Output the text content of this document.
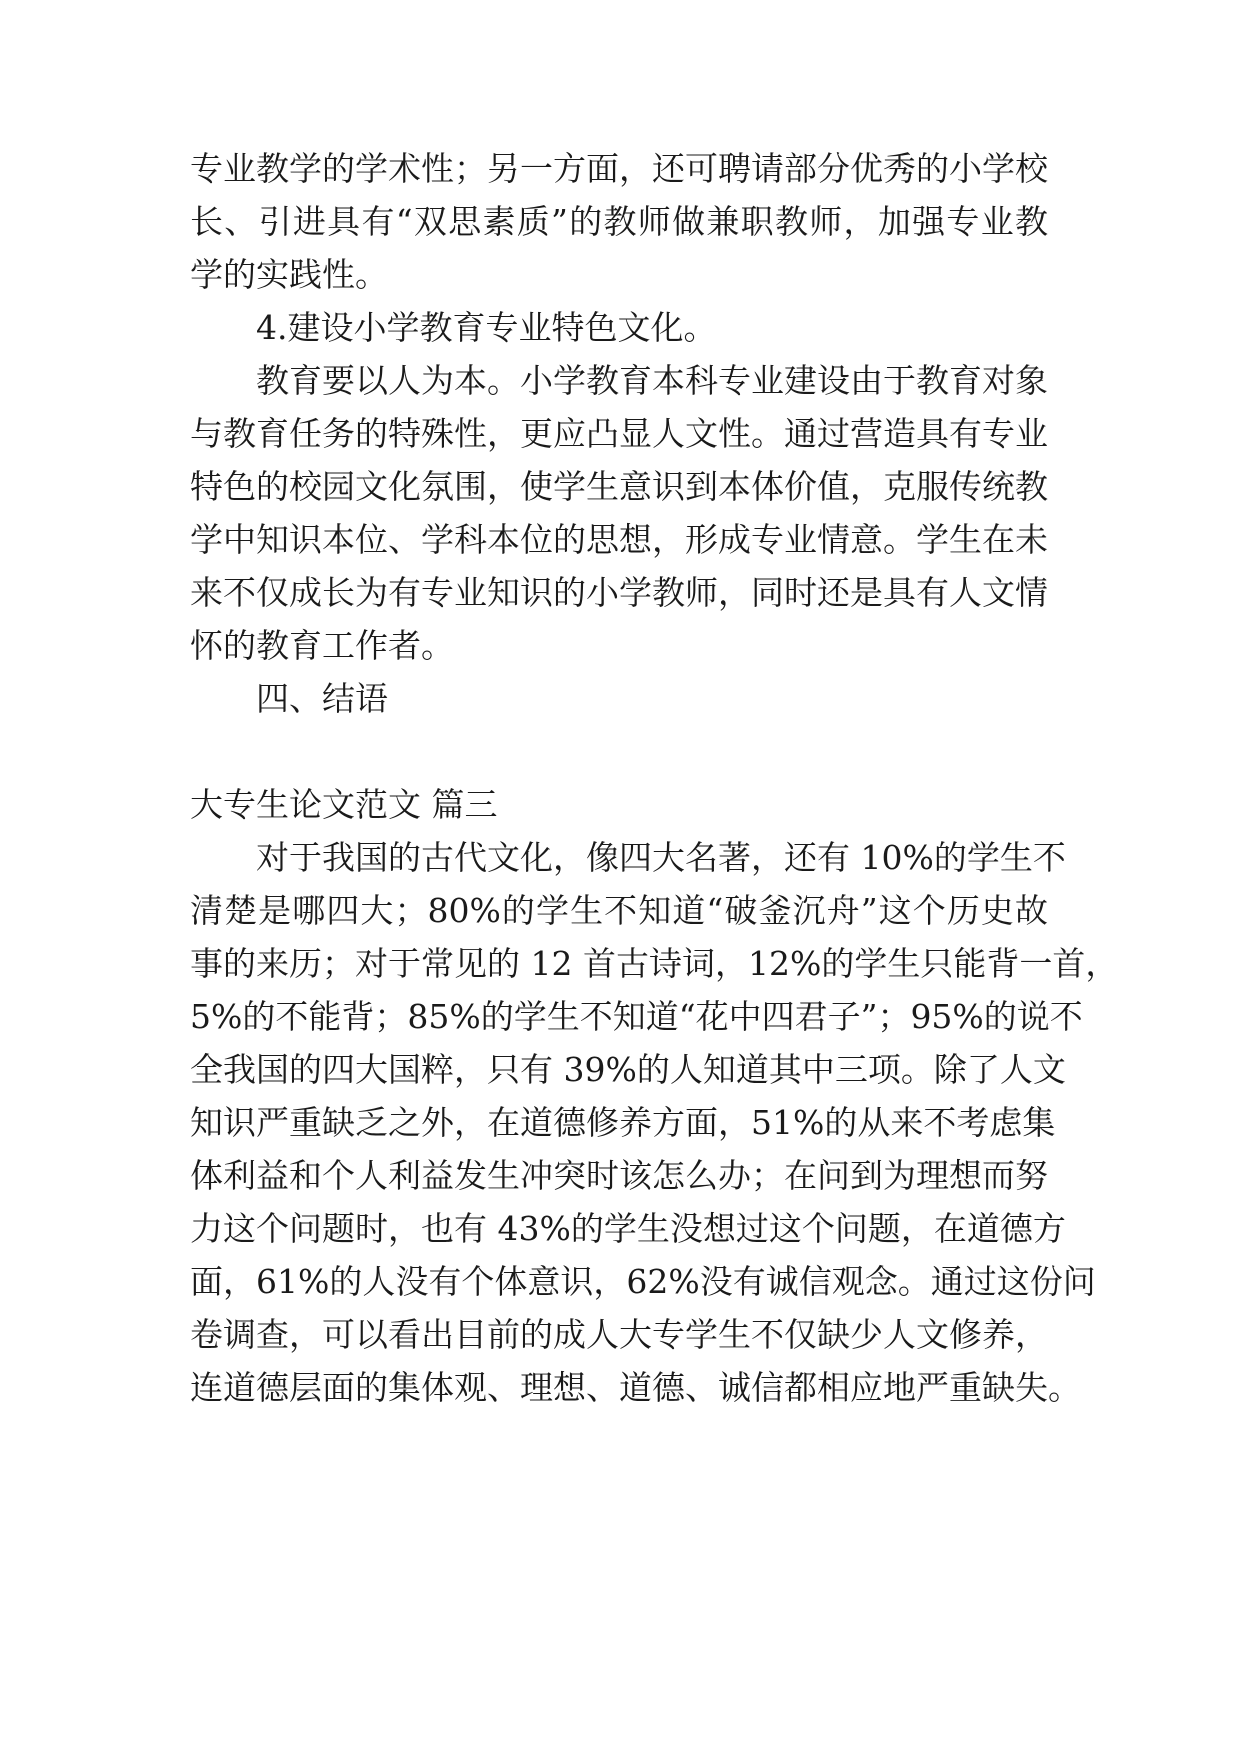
专业教学的学术性；另一方面，还可聘请部分优秀的小学校

长、引进具有“双思素质”的教师做兼职教师，加强专业教

学的实践性。

4.建设小学教育专业特色文化。

教育要以人为本。小学教育本科专业建设由于教育对象

与教育任务的特殊性，更应凸显人文性。通过营造具有专业

特色的校园文化氛围，使学生意识到本体价值，克服传统教

学中知识本位、学科本位的思想，形成专业情意。学生在未

来不仅成长为有专业知识的小学教师，同时还是具有人文情

怀的教育工作者。

四、结语

大专生论文范文 篇三

对于我国的古代文化，像四大名著，还有 10%的学生不

清楚是哪四大；80%的学生不知道“破釜沉舟”这个历史故

事的来历；对于常见的 12 首古诗词，12%的学生只能背一首，

5%的不能背；85%的学生不知道“花中四君子”；95%的说不

全我国的四大国粹，只有 39%的人知道其中三项。除了人文

知识严重缺乏之外，在道德修养方面，51%的从来不考虑集

体利益和个人利益发生冲突时该怎么办；在问到为理想而努

力这个问题时，也有 43%的学生没想过这个问题，在道德方

面，61%的人没有个体意识，62%没有诚信观念。通过这份问

卷调查，可以看出目前的成人大专学生不仅缺少人文修养，

连道德层面的集体观、理想、道德、诚信都相应地严重缺失。
